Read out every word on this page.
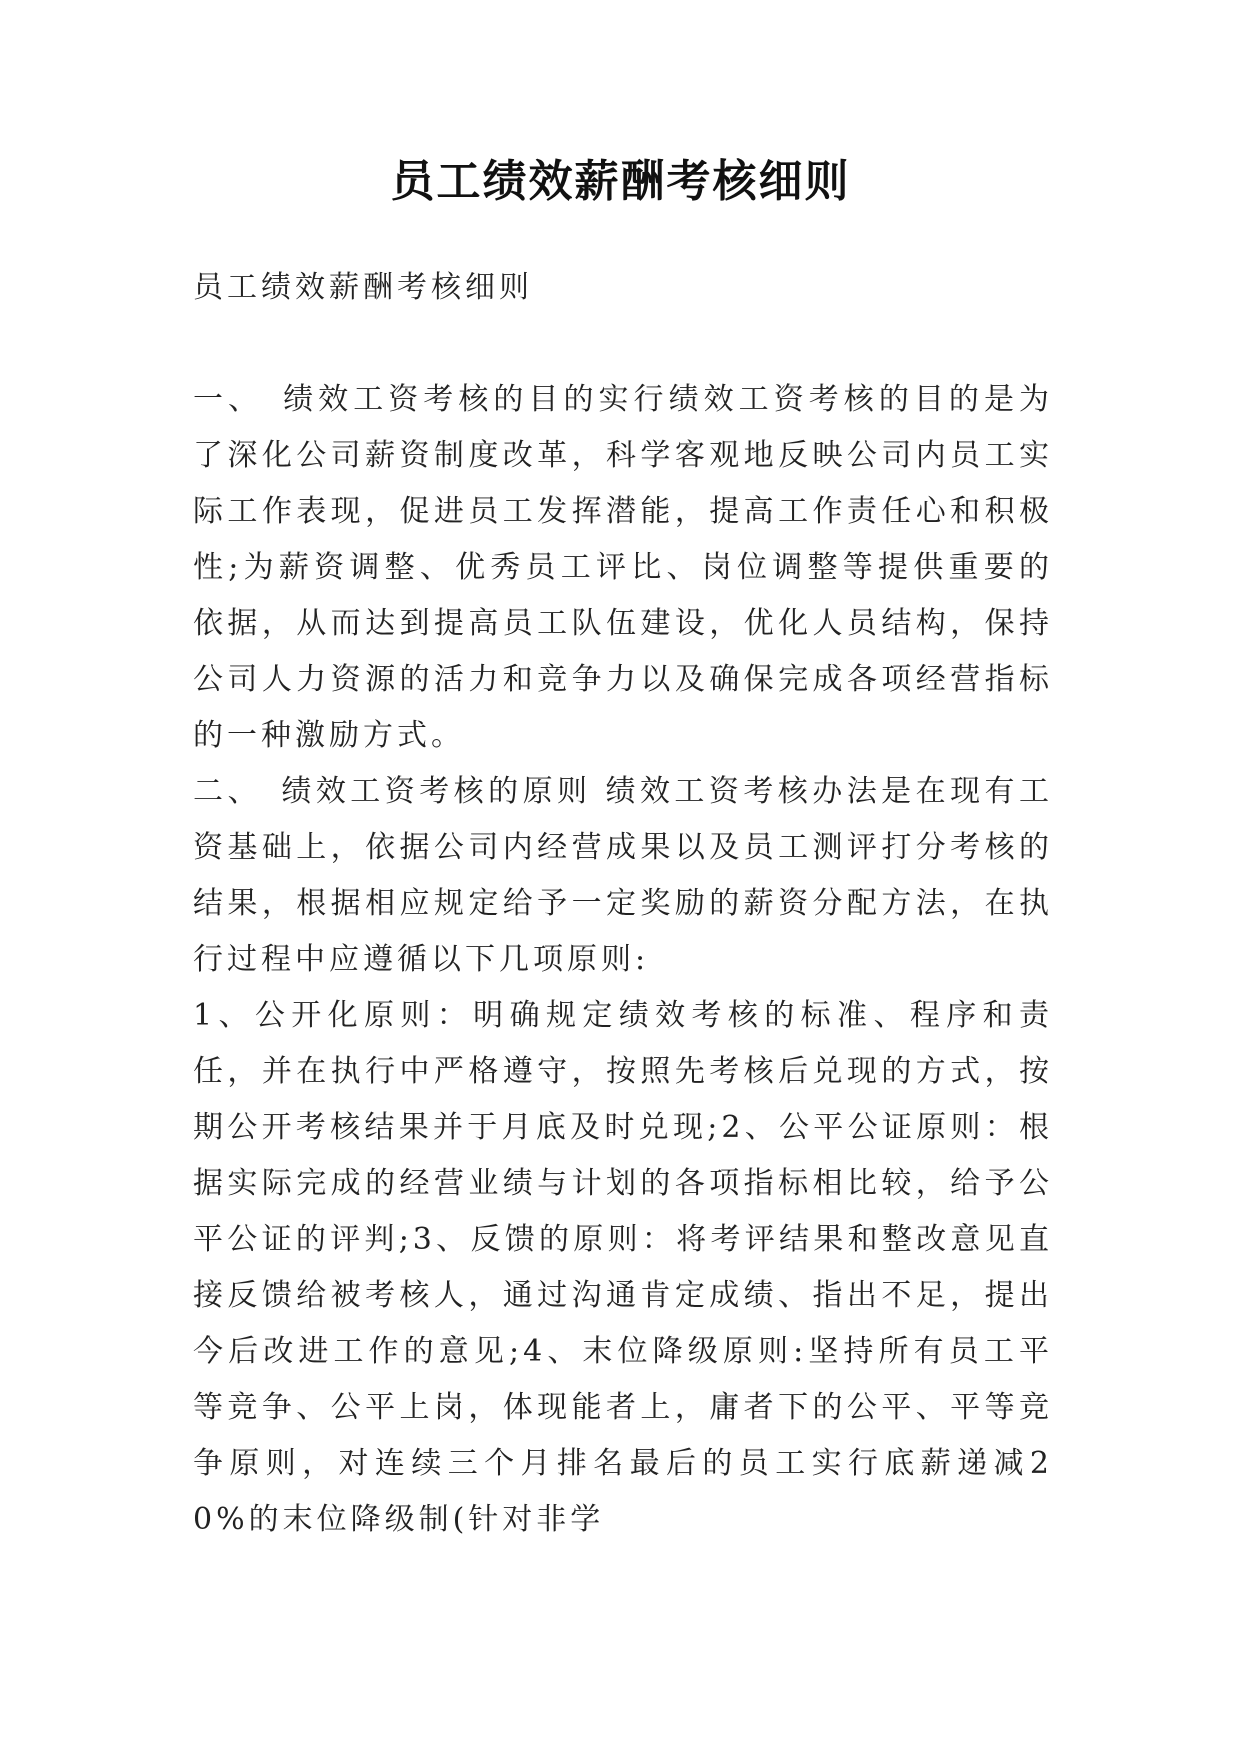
员工绩效薪酬考核细则

员工绩效薪酬考核细则

一、　绩效工资考核的目的实行绩效工资考核的目的是为了深化公司薪资制度改革，科学客观地反映公司内员工实际工作表现，促进员工发挥潜能，提高工作责任心和积极性;为薪资调整、优秀员工评比、岗位调整等提供重要的依据，从而达到提高员工队伍建设，优化人员结构，保持公司人力资源的活力和竞争力以及确保完成各项经营指标的一种激励方式。

二、　绩效工资考核的原则 绩效工资考核办法是在现有工资基础上，依据公司内经营成果以及员工测评打分考核的结果，根据相应规定给予一定奖励的薪资分配方法，在执行过程中应遵循以下几项原则:

1、公开化原则：明确规定绩效考核的标准、程序和责任，并在执行中严格遵守，按照先考核后兑现的方式，按期公开考核结果并于月底及时兑现;2、公平公证原则：根据实际完成的经营业绩与计划的各项指标相比较，给予公平公证的评判;3、反馈的原则：将考评结果和整改意见直接反馈给被考核人，通过沟通肯定成绩、指出不足，提出今后改进工作的意见;4、末位降级原则:坚持所有员工平等竞争、公平上岗，体现能者上，庸者下的公平、平等竞争原则，对连续三个月排名最后的员工实行底薪递减20%的末位降级制(针对非学
